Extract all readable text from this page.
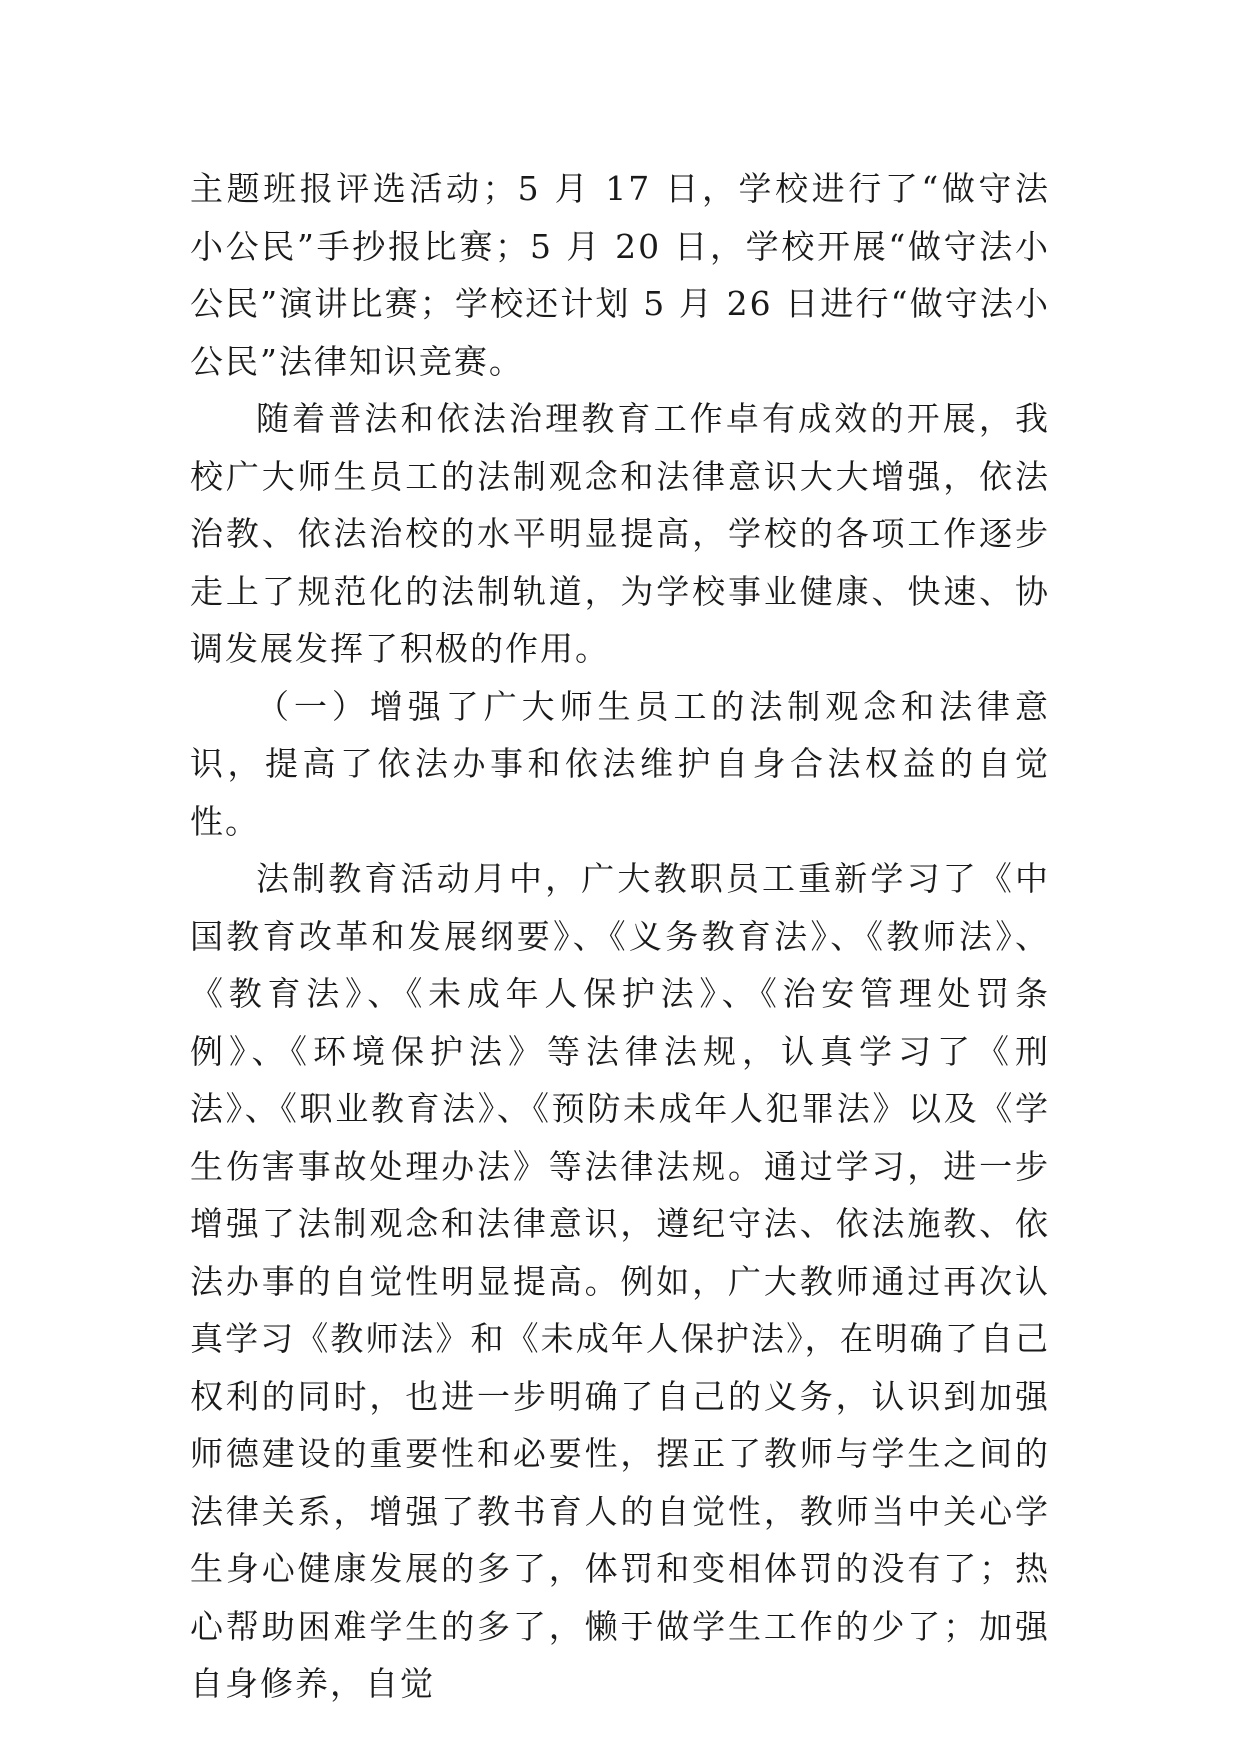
主题班报评选活动；5 月 17 日，学校进行了“做守法小公民”手抄报比赛；5 月 20 日，学校开展“做守法小公民”演讲比赛；学校还计划 5 月 26 日进行“做守法小公民”法律知识竞赛。

随着普法和依法治理教育工作卓有成效的开展，我校广大师生员工的法制观念和法律意识大大增强，依法治教、依法治校的水平明显提高，学校的各项工作逐步走上了规范化的法制轨道，为学校事业健康、快速、协调发展发挥了积极的作用。

（一）增强了广大师生员工的法制观念和法律意识，提高了依法办事和依法维护自身合法权益的自觉性。

法制教育活动月中，广大教职员工重新学习了《中国教育改革和发展纲要》、《义务教育法》、《教师法》、《教育法》、《未成年人保护法》、《治安管理处罚条例》、《环境保护法》等法律法规，认真学习了《刑法》、《职业教育法》、《预防未成年人犯罪法》以及《学生伤害事故处理办法》等法律法规。通过学习，进一步增强了法制观念和法律意识，遵纪守法、依法施教、依法办事的自觉性明显提高。例如，广大教师通过再次认真学习《教师法》和《未成年人保护法》，在明确了自己权利的同时，也进一步明确了自己的义务，认识到加强师德建设的重要性和必要性，摆正了教师与学生之间的法律关系，增强了教书育人的自觉性，教师当中关心学生身心健康发展的多了，体罚和变相体罚的没有了；热心帮助困难学生的多了，懒于做学生工作的少了；加强自身修养，自觉
